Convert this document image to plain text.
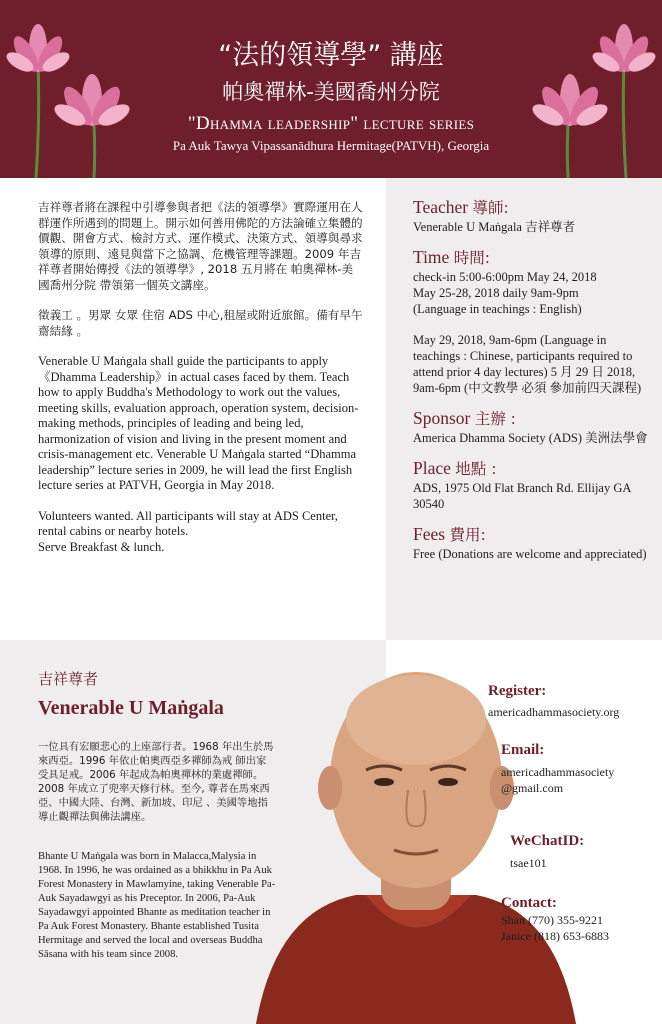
“法的領導學” 講座
帕奧禪林-美國喬州分院
"Dhamma leadership" lecture series
Pa Auk Tawya Vipassanādhura Hermitage(PATVH), Georgia

吉祥尊者將在課程中引導參與者把《法的領導學》實際運用在人群運作所遇到的問題上。開示如何善用佛陀的方法論確立集體的價觀、開會方式、檢討方式、運作模式、決策方式、領導與尋求領導的原則、遠見與當下之協調、危機管理等課題。2009 年吉祥尊者開始傳授《法的領導學》, 2018 五月將在 帕奧禪林-美國喬州分院 帶領第一個英文講座。

徵義工 。男眾 女眾 住宿 ADS 中心,租屋或附近旅館。備有早午齋結緣 。

Venerable U Maṅgala shall guide the participants to apply《Dhamma Leadership》in actual cases faced by them. Teach how to apply Buddha's Methodology to work out the values, meeting skills, evaluation approach, operation system, decision-making methods, principles of leading and being led, harmonization of vision and living in the present moment and crisis-management etc. Venerable U Maṅgala started “Dhamma leadership” lecture series in 2009, he will lead the first English lecture series at PATVH, Georgia in May 2018.

Volunteers wanted. All participants will stay at ADS Center, rental cabins or nearby hotels.
Serve Breakfast & lunch.

Teacher 導師:
Venerable U Maṅgala 吉祥尊者
Time 時間:
check-in 5:00-6:00pm May 24, 2018
May 25-28, 2018 daily 9am-9pm
(Language in teachings : English)
May 29, 2018, 9am-6pm (Language in teachings : Chinese, participants required to attend prior 4 day lectures) 5 月 29 日 2018, 9am-6pm (中文教學 必須 參加前四天課程)
Sponsor 主辦 :
America Dhamma Society (ADS) 美洲法學會
Place 地點 :
ADS, 1975 Old Flat Branch Rd. Ellijay GA 30540
Fees 費用:
Free (Donations are welcome and appreciated)
吉祥尊者
Venerable U Maṅgala

一位具有宏願悲心的上座部行者。1968 年出生於馬來西亞。1996 年依止帕奧西亞多禪師為戒 師出家受具足戒。2006 年起成為帕奧禪林的業處禪師。2008 年成立了兜率天修行林。至今, 尊者在馬來西亞、中國大陸、台灣、新加坡、印尼 、美國等地指導止觀禪法與佛法講座。

Bhante U Maṅgala was born in Malacca,Malysia in 1968. In 1996, he was ordained as a bhikkhu in Pa Auk Forest Monastery in Mawlamyine, taking Venerable Pa-Auk Sayadawgyi as his Preceptor. In 2006, Pa-Auk Sayadawgyi appointed Bhante as meditation teacher in Pa Auk Forest Monastery. Bhante established Tusita Hermitage and served the local and overseas Buddha Sāsana with his team since 2008.

Register:
americadhammasociety.org
Email:
americadhammasociety
@gmail.com
WeChatID:
tsae101
Contact:
Shan (770) 355-9221
Janice (818) 653-6883
